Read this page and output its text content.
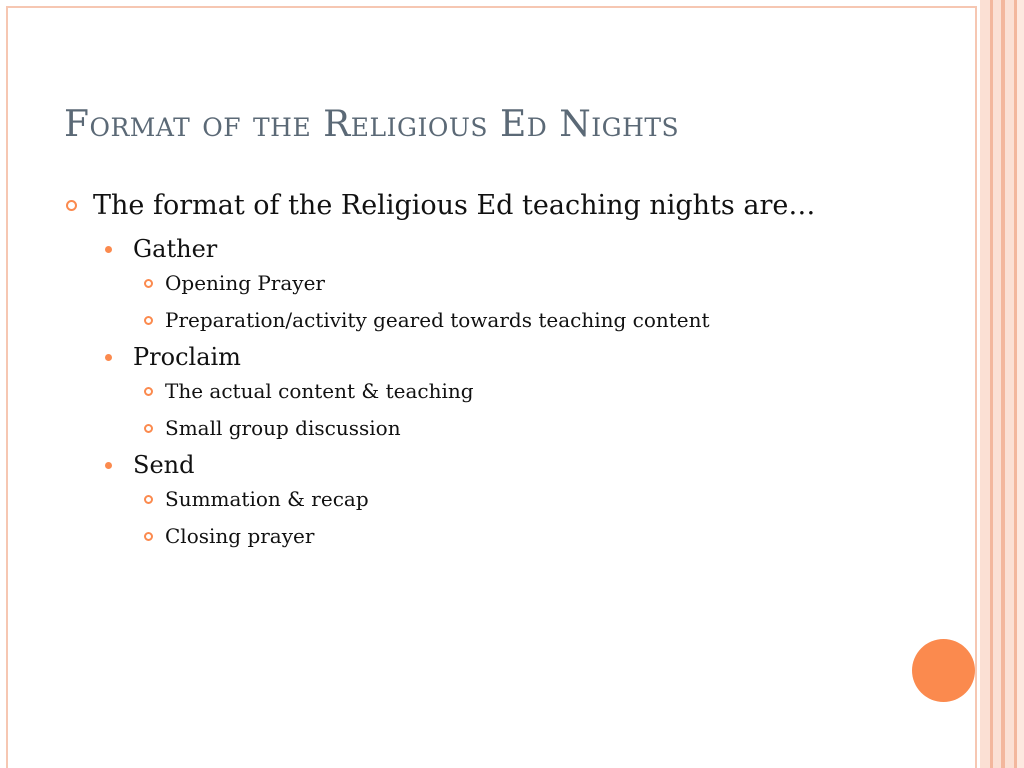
Format of the Religious Ed Nights
The format of the Religious Ed teaching nights are…
Gather
Opening Prayer
Preparation/activity geared towards teaching content
Proclaim
The actual content & teaching
Small group discussion
Send
Summation & recap
Closing prayer
